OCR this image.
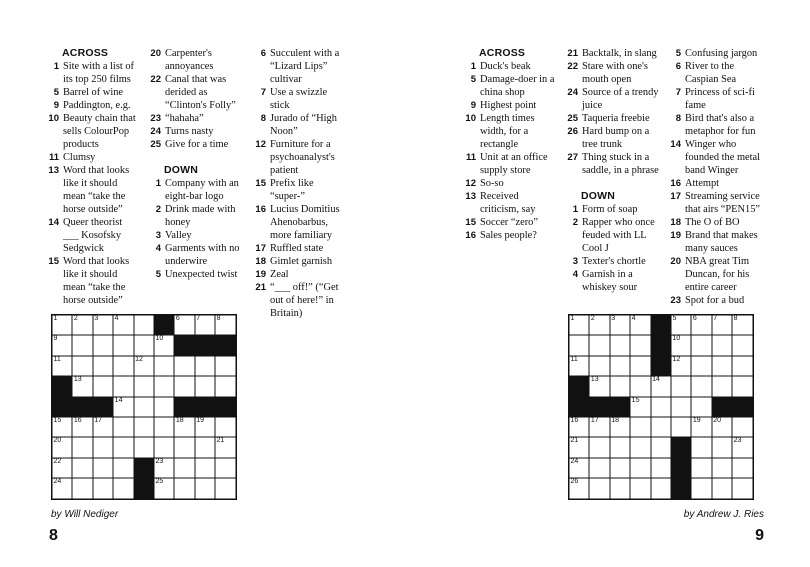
ACROSS
1 Site with a list of its top 250 films
5 Barrel of wine
9 Paddington, e.g.
10 Beauty chain that sells ColourPop products
11 Clumsy
13 Word that looks like it should mean “take the horse outside”
14 Queer theorist ___ Kosofsky Sedgwick
15 Word that looks like it should mean “take the horse outside”
20 Carpenter's annoyances
22 Canal that was derided as “Clinton's Folly”
23 “hahaha”
24 Turns nasty
25 Give for a time
DOWN
1 Company with an eight-bar logo
2 Drink made with honey
3 Valley
4 Garments with no underwire
5 Unexpected twist
6 Succulent with a “Lizard Lips” cultivar
7 Use a swizzle stick
8 Jurado of “High Noon”
12 Furniture for a psychoanalyst's patient
15 Prefix like “super-”
16 Lucius Domitius Ahenobarbus, more familiary
17 Ruffled state
18 Gimlet garnish
19 Zeal
21 “___ off!” (“Get out of here!” in Britain)
1 2 3 4	6 7 8
9	10
11	12
13
14
15 16 17	18 19
20	21
22	23
24	25
by Will Nediger
8
ACROSS
1 Duck's beak
5 Damage-doer in a china shop
9 Highest point
10 Length times width, for a rectangle
11 Unit at an office supply store
12 So-so
13 Received criticism, say
15 Soccer “zero”
16 Sales people?
21 Backtalk, in slang
22 Stare with one's mouth open
24 Source of a trendy juice
25 Taqueria freebie
26 Hard bump on a tree trunk
27 Thing stuck in a saddle, in a phrase
DOWN
1 Form of soap
2 Rapper who once feuded with LL Cool J
3 Texter's chortle
4 Garnish in a whiskey sour
5 Confusing jargon
6 River to the Caspian Sea
7 Princess of sci-fi fame
8 Bird that's also a metaphor for fun
14 Winger who founded the metal band Winger
16 Attempt
17 Streaming service that airs “PEN15”
18 The O of BO
19 Brand that makes many sauces
20 NBA great Tim Duncan, for his entire career
23 Spot for a bud
1 2 3 4	5 6 7 8
10
11	12
13	14
15
16 17 18	19 20
21	23
24
26
by Andrew J. Ries
9
